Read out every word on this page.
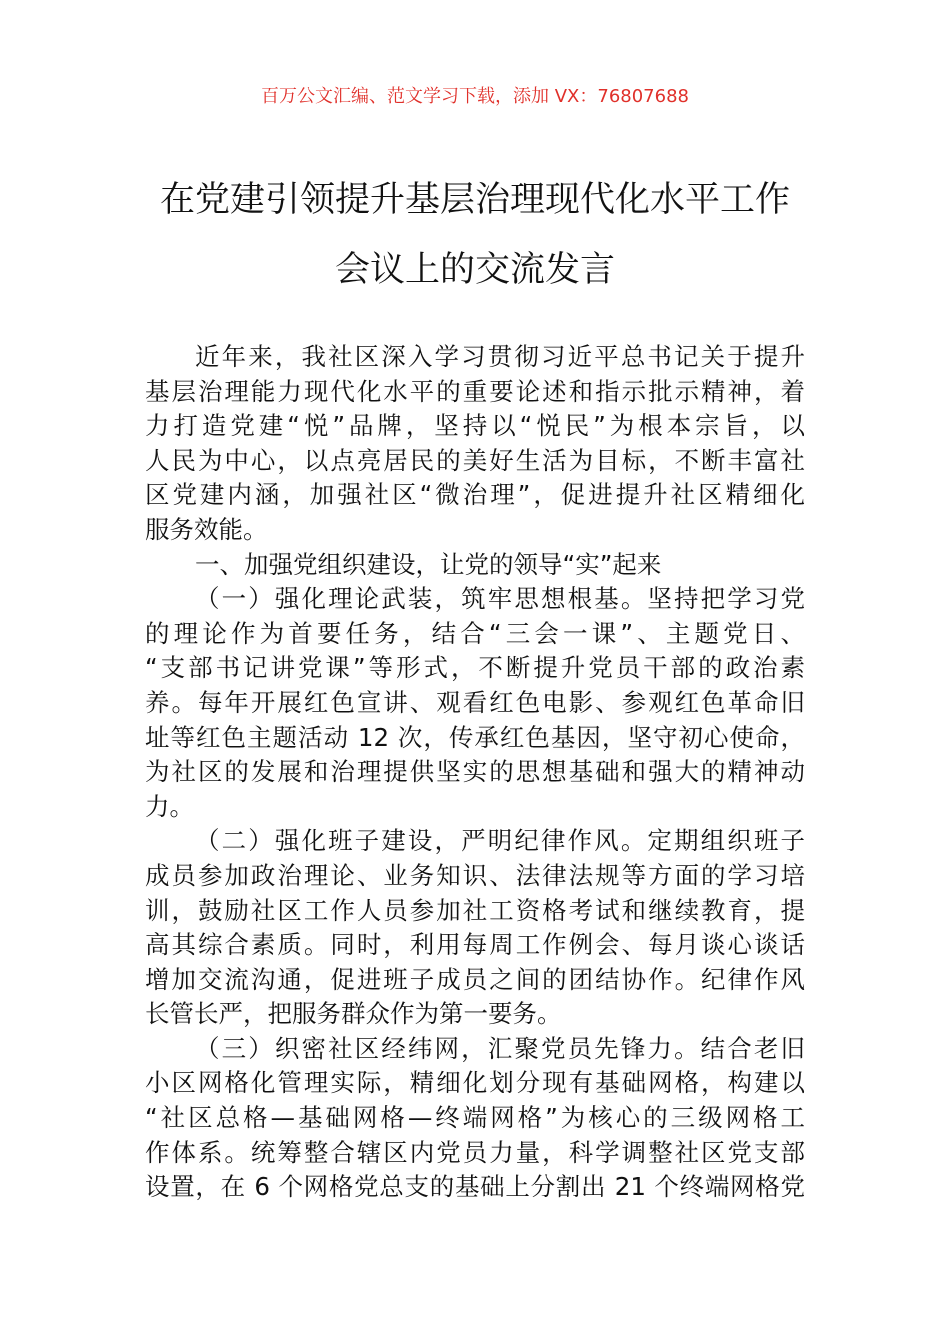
百万公文汇编、范文学习下载，添加 VX：76807688
在党建引领提升基层治理现代化水平工作
会议上的交流发言
近年来，我社区深入学习贯彻习近平总书记关于提升
基层治理能力现代化水平的重要论述和指示批示精神，着
力打造党建“悦”品牌，坚持以“悦民”为根本宗旨，以
人民为中心，以点亮居民的美好生活为目标，不断丰富社
区党建内涵，加强社区“微治理”，促进提升社区精细化
服务效能。
一、加强党组织建设，让党的领导“实”起来
（一）强化理论武装，筑牢思想根基。坚持把学习党
的理论作为首要任务，结合“三会一课”、主题党日、
“支部书记讲党课”等形式，不断提升党员干部的政治素
养。每年开展红色宣讲、观看红色电影、参观红色革命旧
址等红色主题活动 12 次，传承红色基因，坚守初心使命，
为社区的发展和治理提供坚实的思想基础和强大的精神动
力。
（二）强化班子建设，严明纪律作风。定期组织班子
成员参加政治理论、业务知识、法律法规等方面的学习培
训，鼓励社区工作人员参加社工资格考试和继续教育，提
高其综合素质。同时，利用每周工作例会、每月谈心谈话
增加交流沟通，促进班子成员之间的团结协作。纪律作风
长管长严，把服务群众作为第一要务。
（三）织密社区经纬网，汇聚党员先锋力。结合老旧
小区网格化管理实际，精细化划分现有基础网格，构建以
“社区总格—基础网格—终端网格”为核心的三级网格工
作体系。统筹整合辖区内党员力量，科学调整社区党支部
设置，在 6 个网格党总支的基础上分割出 21 个终端网格党
